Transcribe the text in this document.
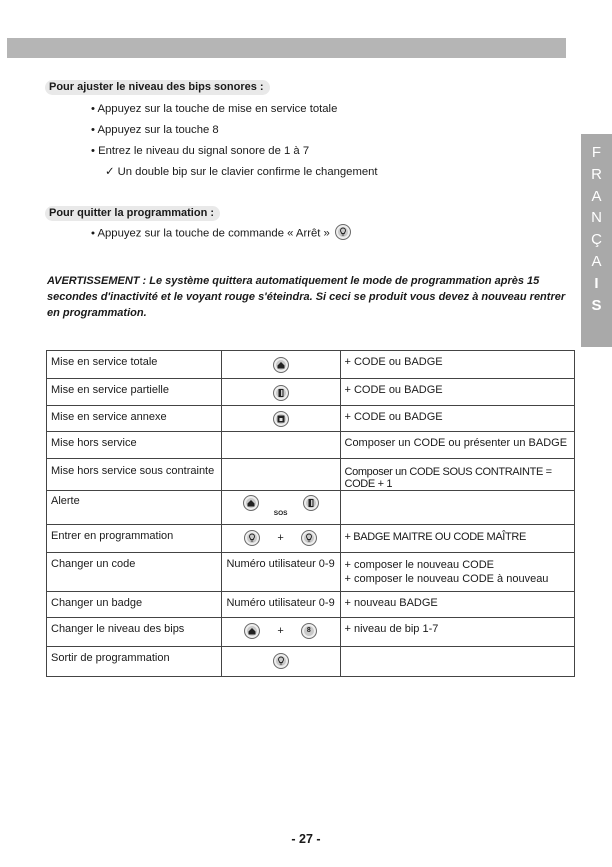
F
R
A
N
Ç
A
I
S
Pour ajuster le niveau des bips sonores :
• Appuyez sur la touche de mise en service totale
• Appuyez sur la touche 8
• Entrez le niveau du signal sonore de 1 à 7
✓ Un double bip sur le clavier confirme le changement
Pour quitter la programmation :
• Appuyez sur la touche de commande « Arrêt »
AVERTISSEMENT : Le système quittera automatiquement le mode de programmation après 15 secondes d'inactivité et le voyant rouge s'éteindra. Si ceci se produit vous devez à nouveau rentrer en programmation.
Mise en service totale		+ CODE ou BADGE
Mise en service partielle		+ CODE ou BADGE
Mise en service annexe		+ CODE ou BADGE
Mise hors service		Composer un CODE ou présenter un BADGE
Mise hors service sous contrainte		Composer un CODE SOUS CONTRAINTE = CODE + 1
Alerte	SOS	

Entrer en programmation	+	+ BADGE MAITRE OU CODE MAÎTRE
Changer un code	Numéro utilisateur 0-9	+ composer le nouveau CODE
+ composer le nouveau CODE à nouveau

Changer un badge	Numéro utilisateur 0-9	+ nouveau BADGE
Changer le niveau des bips	+ 8	+ niveau de bip 1-7
Sortir de programmation	

- 27 -
